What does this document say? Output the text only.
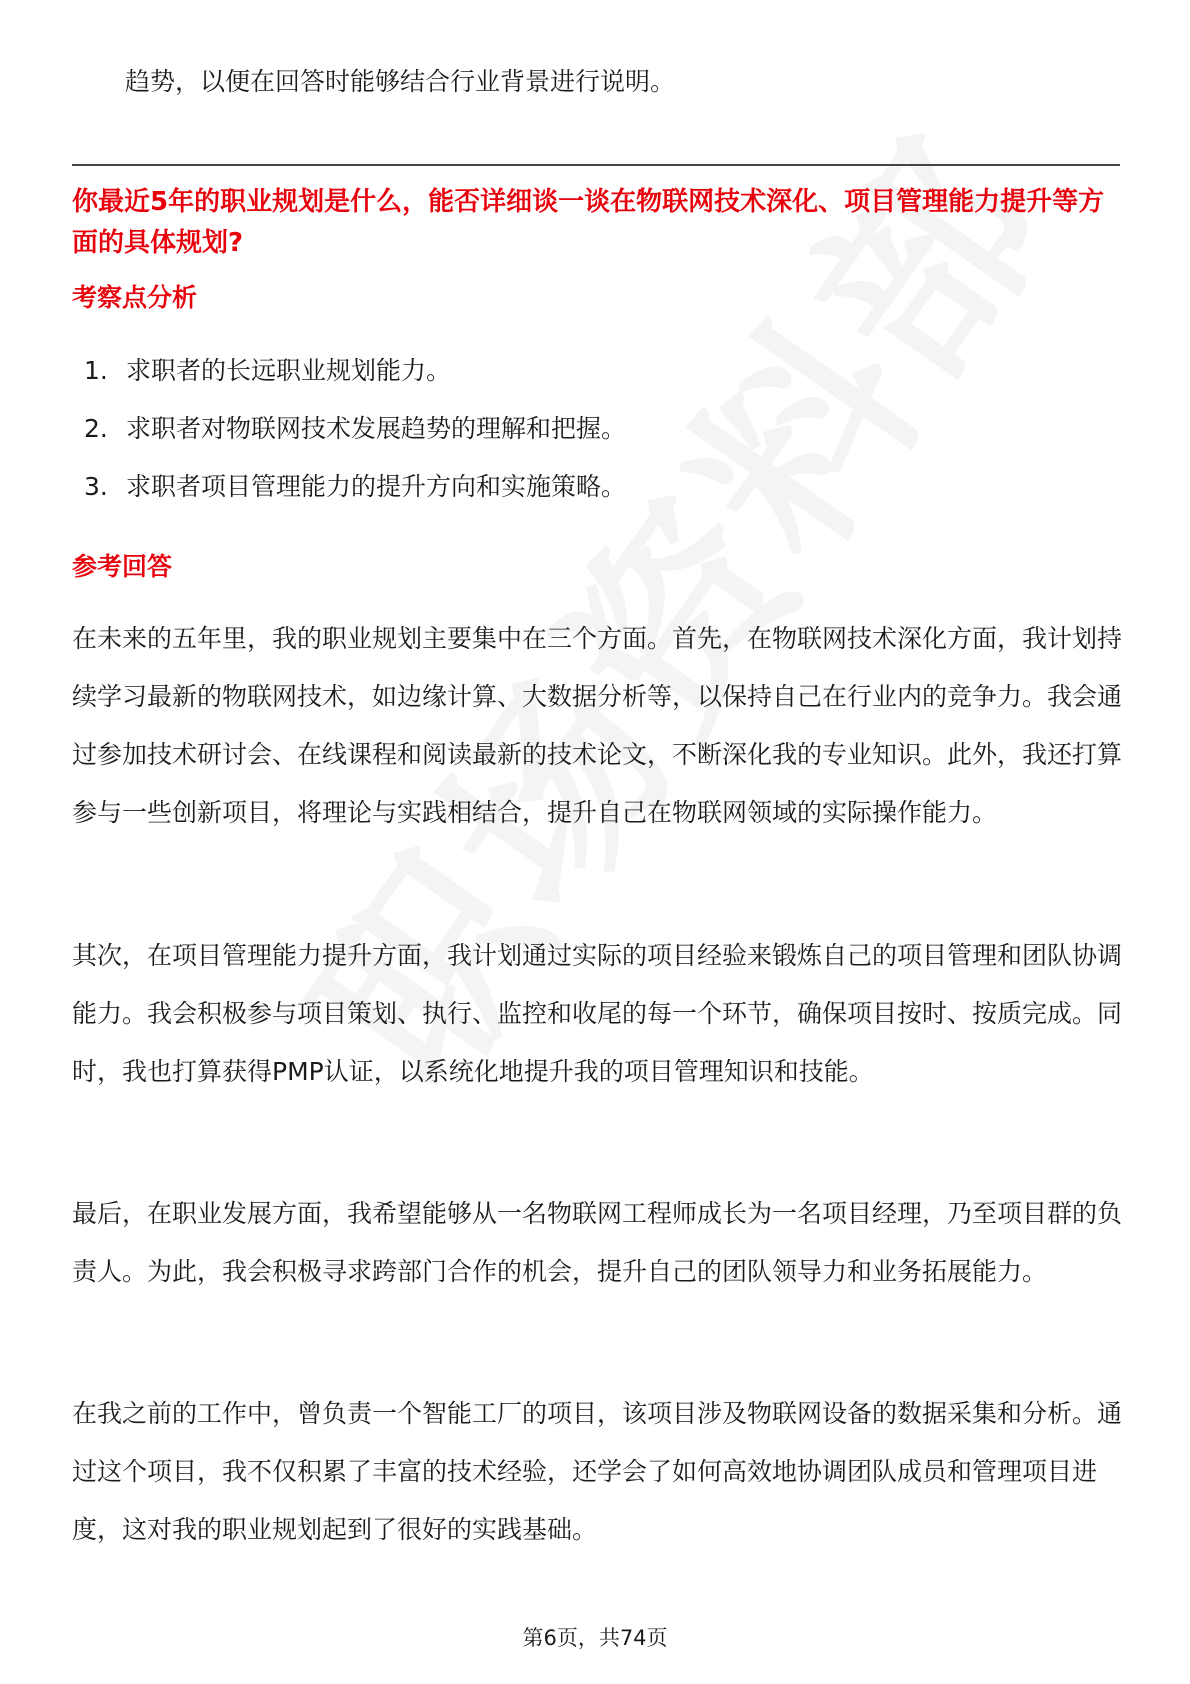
趋势，以便在回答时能够结合行业背景进行说明。

你最近5年的职业规划是什么，能否详细谈一谈在物联网技术深化、项目管理能力提升等方面的具体规划?

考察点分析

1. 求职者的长远职业规划能力。
2. 求职者对物联网技术发展趋势的理解和把握。
3. 求职者项目管理能力的提升方向和实施策略。

参考回答

在未来的五年里，我的职业规划主要集中在三个方面。首先，在物联网技术深化方面，我计划持续学习最新的物联网技术，如边缘计算、大数据分析等，以保持自己在行业内的竞争力。我会通过参加技术研讨会、在线课程和阅读最新的技术论文，不断深化我的专业知识。此外，我还打算参与一些创新项目，将理论与实践相结合，提升自己在物联网领域的实际操作能力。

其次，在项目管理能力提升方面，我计划通过实际的项目经验来锻炼自己的项目管理和团队协调能力。我会积极参与项目策划、执行、监控和收尾的每一个环节，确保项目按时、按质完成。同时，我也打算获得PMP认证，以系统化地提升我的项目管理知识和技能。

最后，在职业发展方面，我希望能够从一名物联网工程师成长为一名项目经理，乃至项目群的负责人。为此，我会积极寻求跨部门合作的机会，提升自己的团队领导力和业务拓展能力。

在我之前的工作中，曾负责一个智能工厂的项目，该项目涉及物联网设备的数据采集和分析。通过这个项目，我不仅积累了丰富的技术经验，还学会了如何高效地协调团队成员和管理项目进度，这对我的职业规划起到了很好的实践基础。

第6页，共74页
